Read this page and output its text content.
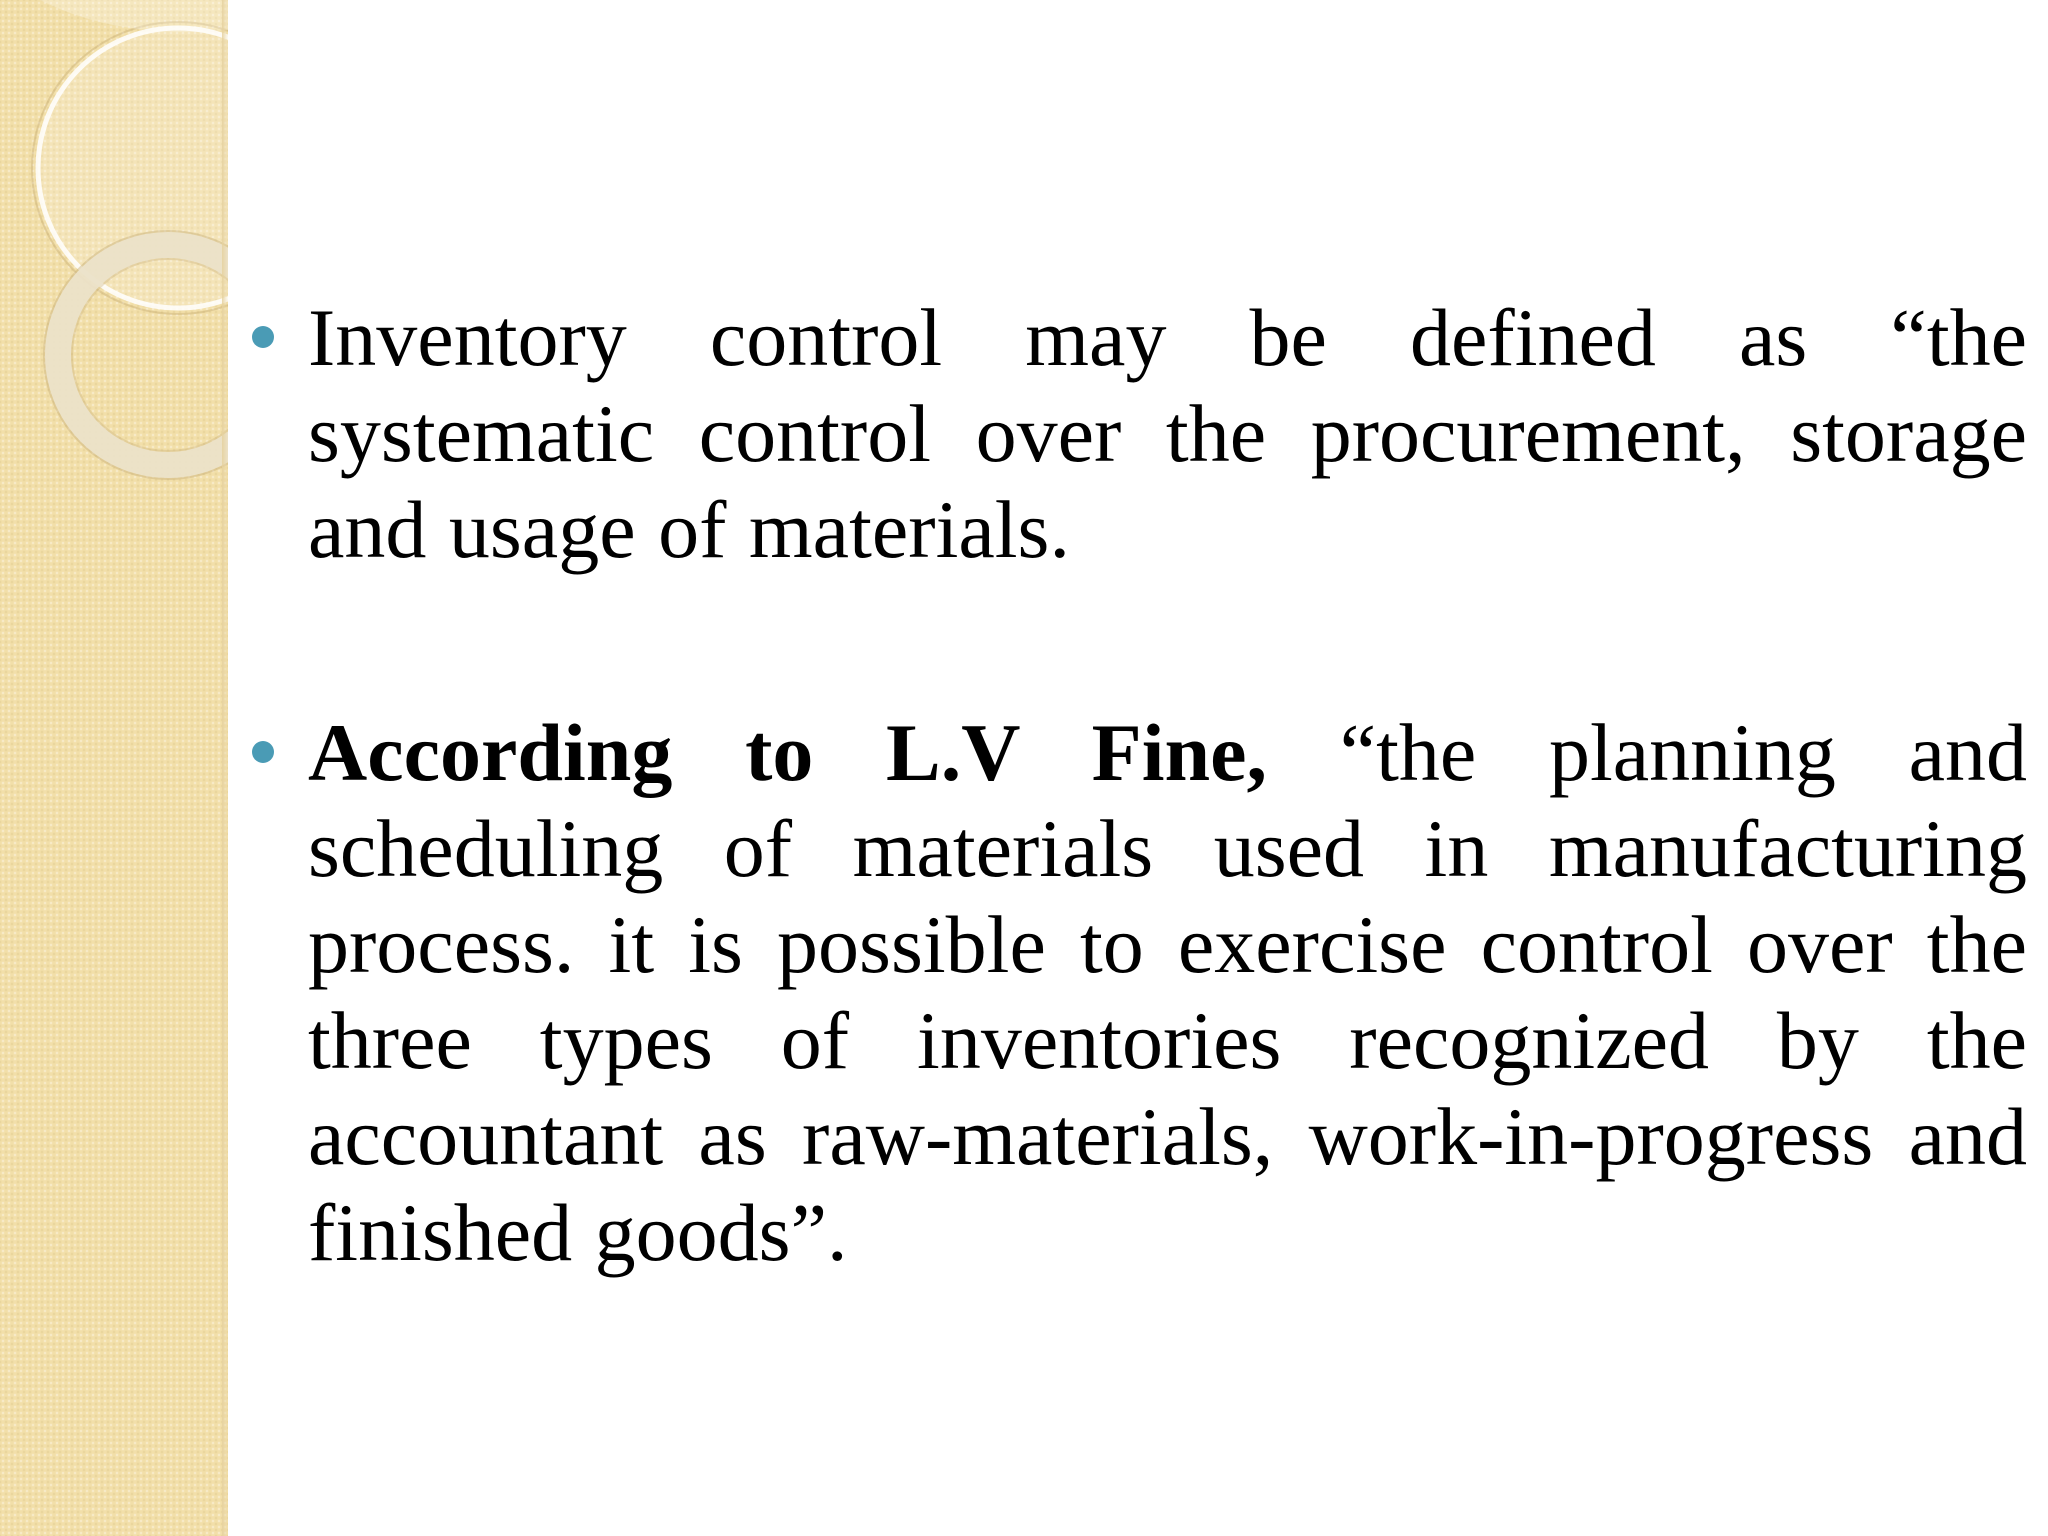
Inventory control may be defined as “the systematic control over the procurement, storage and usage of materials.

According to L.V Fine, “the planning and scheduling of materials used in manufacturing process. it is possible to exercise control over the three types of inventories recognized by the accountant as raw-materials, work-in-progress and finished goods”.
